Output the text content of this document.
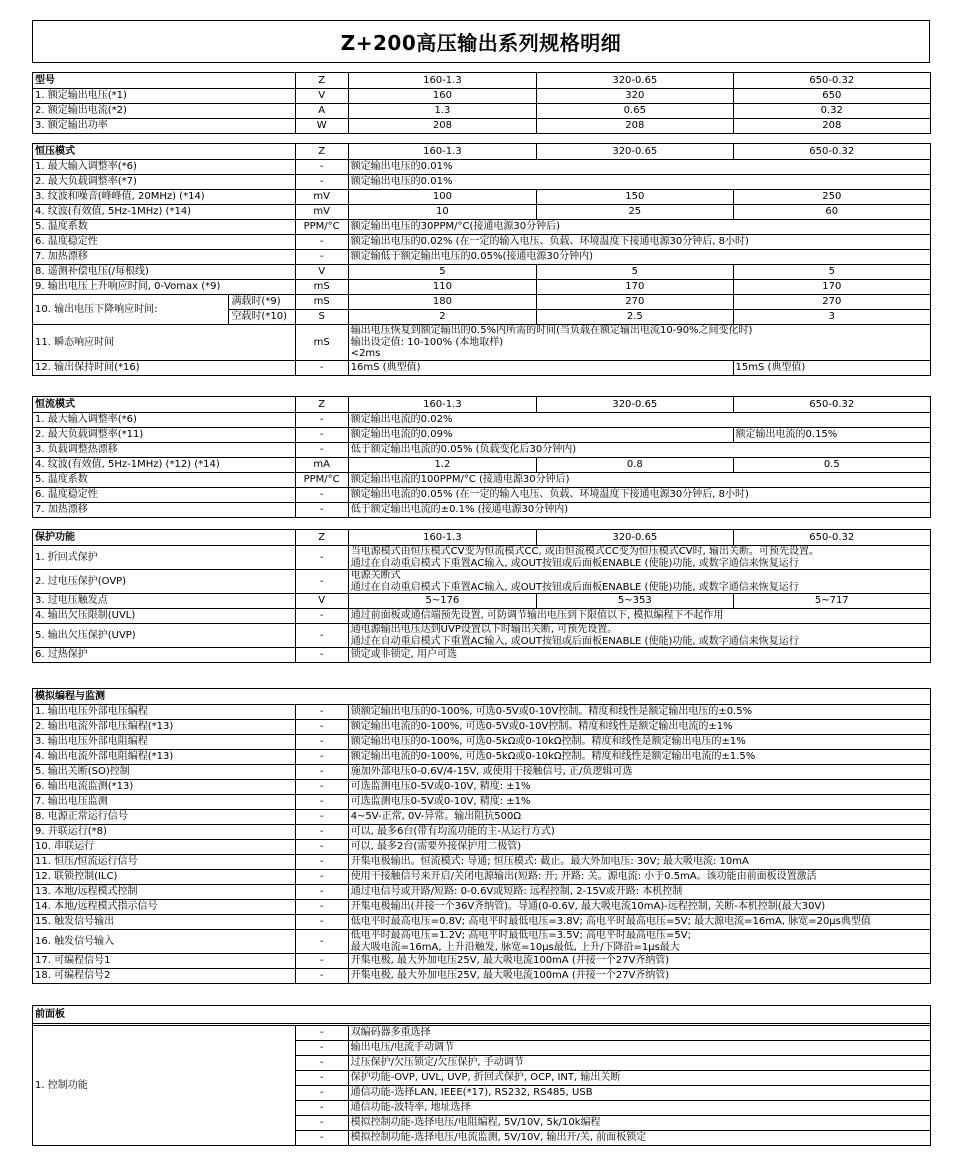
Z+200高压输出系列规格明细
型号	Z	160-1.3	320-0.65	650-0.32
1. 额定输出电压(*1)	V	160	320	650
2. 额定输出电流(*2)	A	1.3	0.65	0.32
3. 额定输出功率	W	208	208	208
恒压模式		Z	160-1.3	320-0.65	650-0.32
1. 最大输入调整率(*6)		-	额定输出电压的0.01%		
2. 最大负载调整率(*7)		-	额定输出电压的0.01%		
3. 纹波和噪音(峰峰值, 20MHz) (*14)		mV	100	150	250
4. 纹波(有效值, 5Hz-1MHz) (*14)		mV	10	25	60
5. 温度系数		PPM/°C	额定输出电压的30PPM/°C(接通电源30分钟后)		
6. 温度稳定性		-	额定输出电压的0.02% (在一定的输入电压、负载、环境温度下接通电源30分钟后, 8小时)		
7. 加热漂移		-	额定输低于额定输出电压的0.05%(接通电源30分钟内)		
8. 遥测补偿电压(/每根线)		V	5	5	5
9. 输出电压上升响应时间, 0-Vomax (*9)		mS	110	170	170
10. 输出电压下降响应时间:	满载时(*9)	mS	180	270	270
	空载时(*10)	S	2	2.5	3
11. 瞬态响应时间		mS	输出电压恢复到额定输出的0.5%内所需的时间(当负载在额定输出电流10-90%之间变化时)
输出设定值: 10-100% (本地取样)
<2ms		

12. 输出保持时间(*16)		-	16mS (典型值)		15mS (典型值)
恒流模式	Z	160-1.3	320-0.65	650-0.32
1. 最大输入调整率(*6)	-	额定输出电流的0.02%		
2. 最大负载调整率(*11)	-	额定输出电流的0.09%		额定输出电流的0.15%
3. 负载调整热漂移	-	低于额定输出电流的0.05% (负载变化后30分钟内)		
4. 纹波(有效值, 5Hz-1MHz) (*12) (*14)	mA	1.2	0.8	0.5
5. 温度系数	PPM/°C	额定输出电流的100PPM/°C (接通电源30分钟后)		
6. 温度稳定性	-	额定输出电流的0.05% (在一定的输入电压、负载、环境温度下接通电源30分钟后, 8小时)		
7. 加热漂移	-	低于额定输出电流的±0.1% (接通电源30分钟内)		
保护功能	Z	160-1.3	320-0.65	650-0.32
1. 折回式保护	-	当电源模式由恒压模式CV变为恒流模式CC, 或由恒流模式CC变为恒压模式CV时, 输出关断。可预先设置。
通过在自动重启模式下重置AC输入, 或OUT按钮或后面板ENABLE (使能)功能, 或数字通信来恢复运行		

2. 过电压保护(OVP)	-	电源关断式
通过在自动重启模式下重置AC输入, 或OUT按钮或后面板ENABLE (使能)功能, 或数字通信来恢复运行		

3. 过电压触发点	V	5~176	5~353	5~717
4. 输出欠压限制(UVL)	-	通过前面板或通信端预先设置, 可防调节输出电压到下限值以下, 模拟编程下不起作用		
5. 输出欠压保护(UVP)	-	通电源输出电压达到UVP设置以下时输出关断, 可预先设置。
通过在自动重启模式下重置AC输入, 或OUT按钮或后面板ENABLE (使能)功能, 或数字通信来恢复运行		

6. 过热保护	-	锁定或非锁定, 用户可选		
模拟编程与监测		
1. 输出电压外部电压编程	-	锁额定输出电压的0-100%, 可选0-5V或0-10V控制。精度和线性是额定输出电压的±0.5%
2. 输出电流外部电压编程(*13)	-	额定输出电流的0-100%, 可选0-5V或0-10V控制。精度和线性是额定输出电流的±1%
3. 输出电压外部电阻编程	-	额定输出电压的0-100%, 可选0-5kΩ或0-10kΩ控制。精度和线性是额定输出电压的±1%
4. 输出电流外部电阻编程(*13)	-	额定输出电流的0-100%, 可选0-5kΩ或0-10kΩ控制。精度和线性是额定输出电流的±1.5%
5. 输出关断(SO)控制	-	施加外部电压0-0.6V/4-15V, 或使用干接触信号, 正/负逻辑可选
6. 输出电流监测(*13)	-	可选监测电压0-5V或0-10V, 精度: ±1%
7. 输出电压监测	-	可选监测电压0-5V或0-10V, 精度: ±1%
8. 电源正常运行信号	-	4~5V-正常, 0V-异常。输出阻抗500Ω
9. 并联运行(*8)	-	可以, 最多6台(带有均流功能的主-从运行方式)
10. 串联运行	-	可以, 最多2台(需要外接保护用二极管)
11. 恒压/恒流运行信号	-	开集电极输出。恒流模式: 导通; 恒压模式: 截止。最大外加电压: 30V; 最大吸电流: 10mA
12. 联锁控制(ILC)	-	使用干接触信号来开启/关闭电源输出(短路: 开; 开路: 关。源电流: 小于0.5mA。该功能由前面板设置激活
13. 本地/远程模式控制	-	通过电信号或开路/短路: 0-0.6V或短路: 远程控制, 2-15V或开路: 本机控制
14. 本地/远程模式指示信号	-	开集电极输出(并接一个36V齐纳管)。导通(0-0.6V, 最大吸电流10mA)-远程控制, 关断-本机控制(最大30V)
15. 触发信号输出	-	低电平时最高电压=0.8V; 高电平时最低电压=3.8V; 高电平时最高电压=5V; 最大源电流=16mA, 脉宽=20μs典型值
16. 触发信号输入	-	低电平时最高电压=1.2V; 高电平时最低电压=3.5V; 高电平时最高电压=5V;
最大吸电流=16mA, 上升沿触发, 脉宽=10μs最低, 上升/下降沿=1μs最大

17. 可编程信号1	-	开集电极, 最大外加电压25V, 最大吸电流100mA (并接一个27V齐纳管)
18. 可编程信号2	-	开集电极, 最大外加电压25V, 最大吸电流100mA (并接一个27V齐纳管)
前面板		

1. 控制功能	-	双编码器多重选择
	-	输出电压/电流手动调节
	-	过压保护/欠压锁定/欠压保护, 手动调节
	-	保护功能-OVP, UVL, UVP, 折回式保护, OCP, INT, 输出关断
	-	通信功能-选择LAN, IEEE(*17), RS232, RS485, USB
	-	通信功能-波特率, 地址选择
	-	模拟控制功能-选择电压/电阻编程, 5V/10V, 5k/10k编程
	-	模拟控制功能-选择电压/电流监测, 5V/10V, 输出开/关, 前面板锁定
